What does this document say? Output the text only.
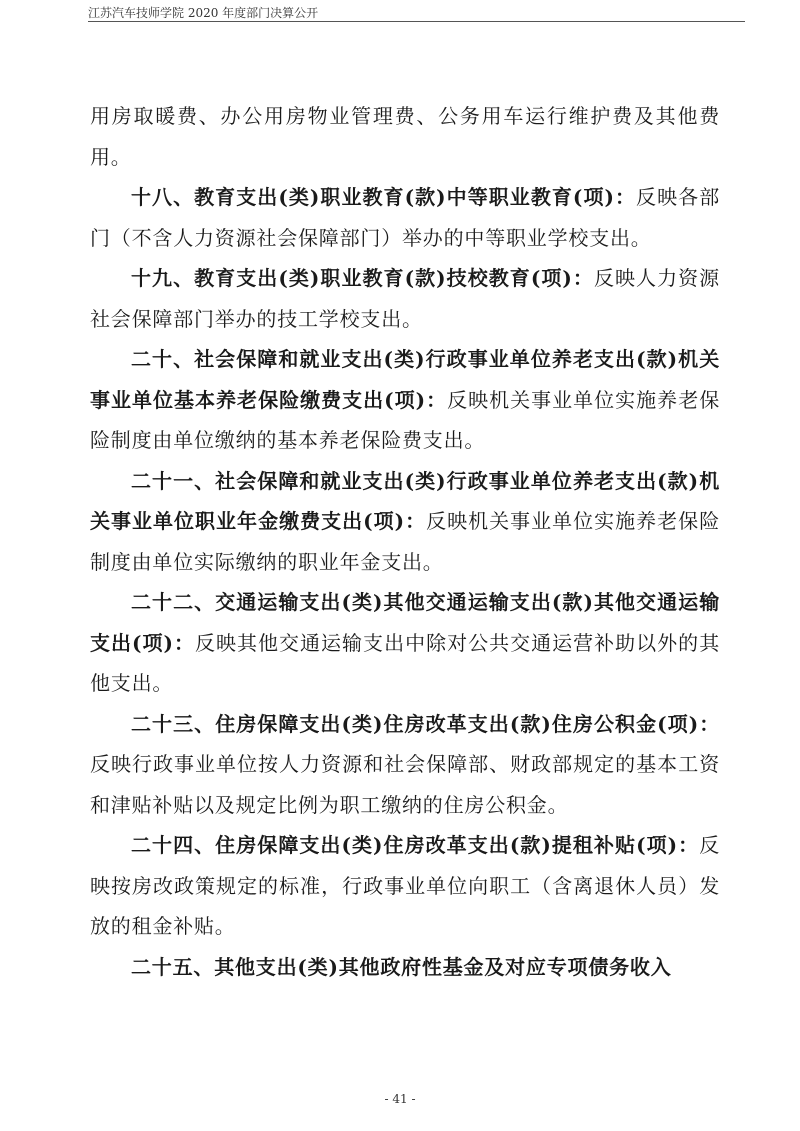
江苏汽车技师学院 2020 年度部门决算公开

用房取暖费、办公用房物业管理费、公务用车运行维护费及其他费用。

十八、教育支出(类)职业教育(款)中等职业教育(项)：反映各部门（不含人力资源社会保障部门）举办的中等职业学校支出。

十九、教育支出(类)职业教育(款)技校教育(项)：反映人力资源社会保障部门举办的技工学校支出。

二十、社会保障和就业支出(类)行政事业单位养老支出(款)机关事业单位基本养老保险缴费支出(项)：反映机关事业单位实施养老保险制度由单位缴纳的基本养老保险费支出。

二十一、社会保障和就业支出(类)行政事业单位养老支出(款)机关事业单位职业年金缴费支出(项)：反映机关事业单位实施养老保险制度由单位实际缴纳的职业年金支出。

二十二、交通运输支出(类)其他交通运输支出(款)其他交通运输支出(项)：反映其他交通运输支出中除对公共交通运营补助以外的其他支出。

二十三、住房保障支出(类)住房改革支出(款)住房公积金(项)：反映行政事业单位按人力资源和社会保障部、财政部规定的基本工资和津贴补贴以及规定比例为职工缴纳的住房公积金。

二十四、住房保障支出(类)住房改革支出(款)提租补贴(项)：反映按房改政策规定的标准，行政事业单位向职工（含离退休人员）发放的租金补贴。

二十五、其他支出(类)其他政府性基金及对应专项债务收入

- 41 -
